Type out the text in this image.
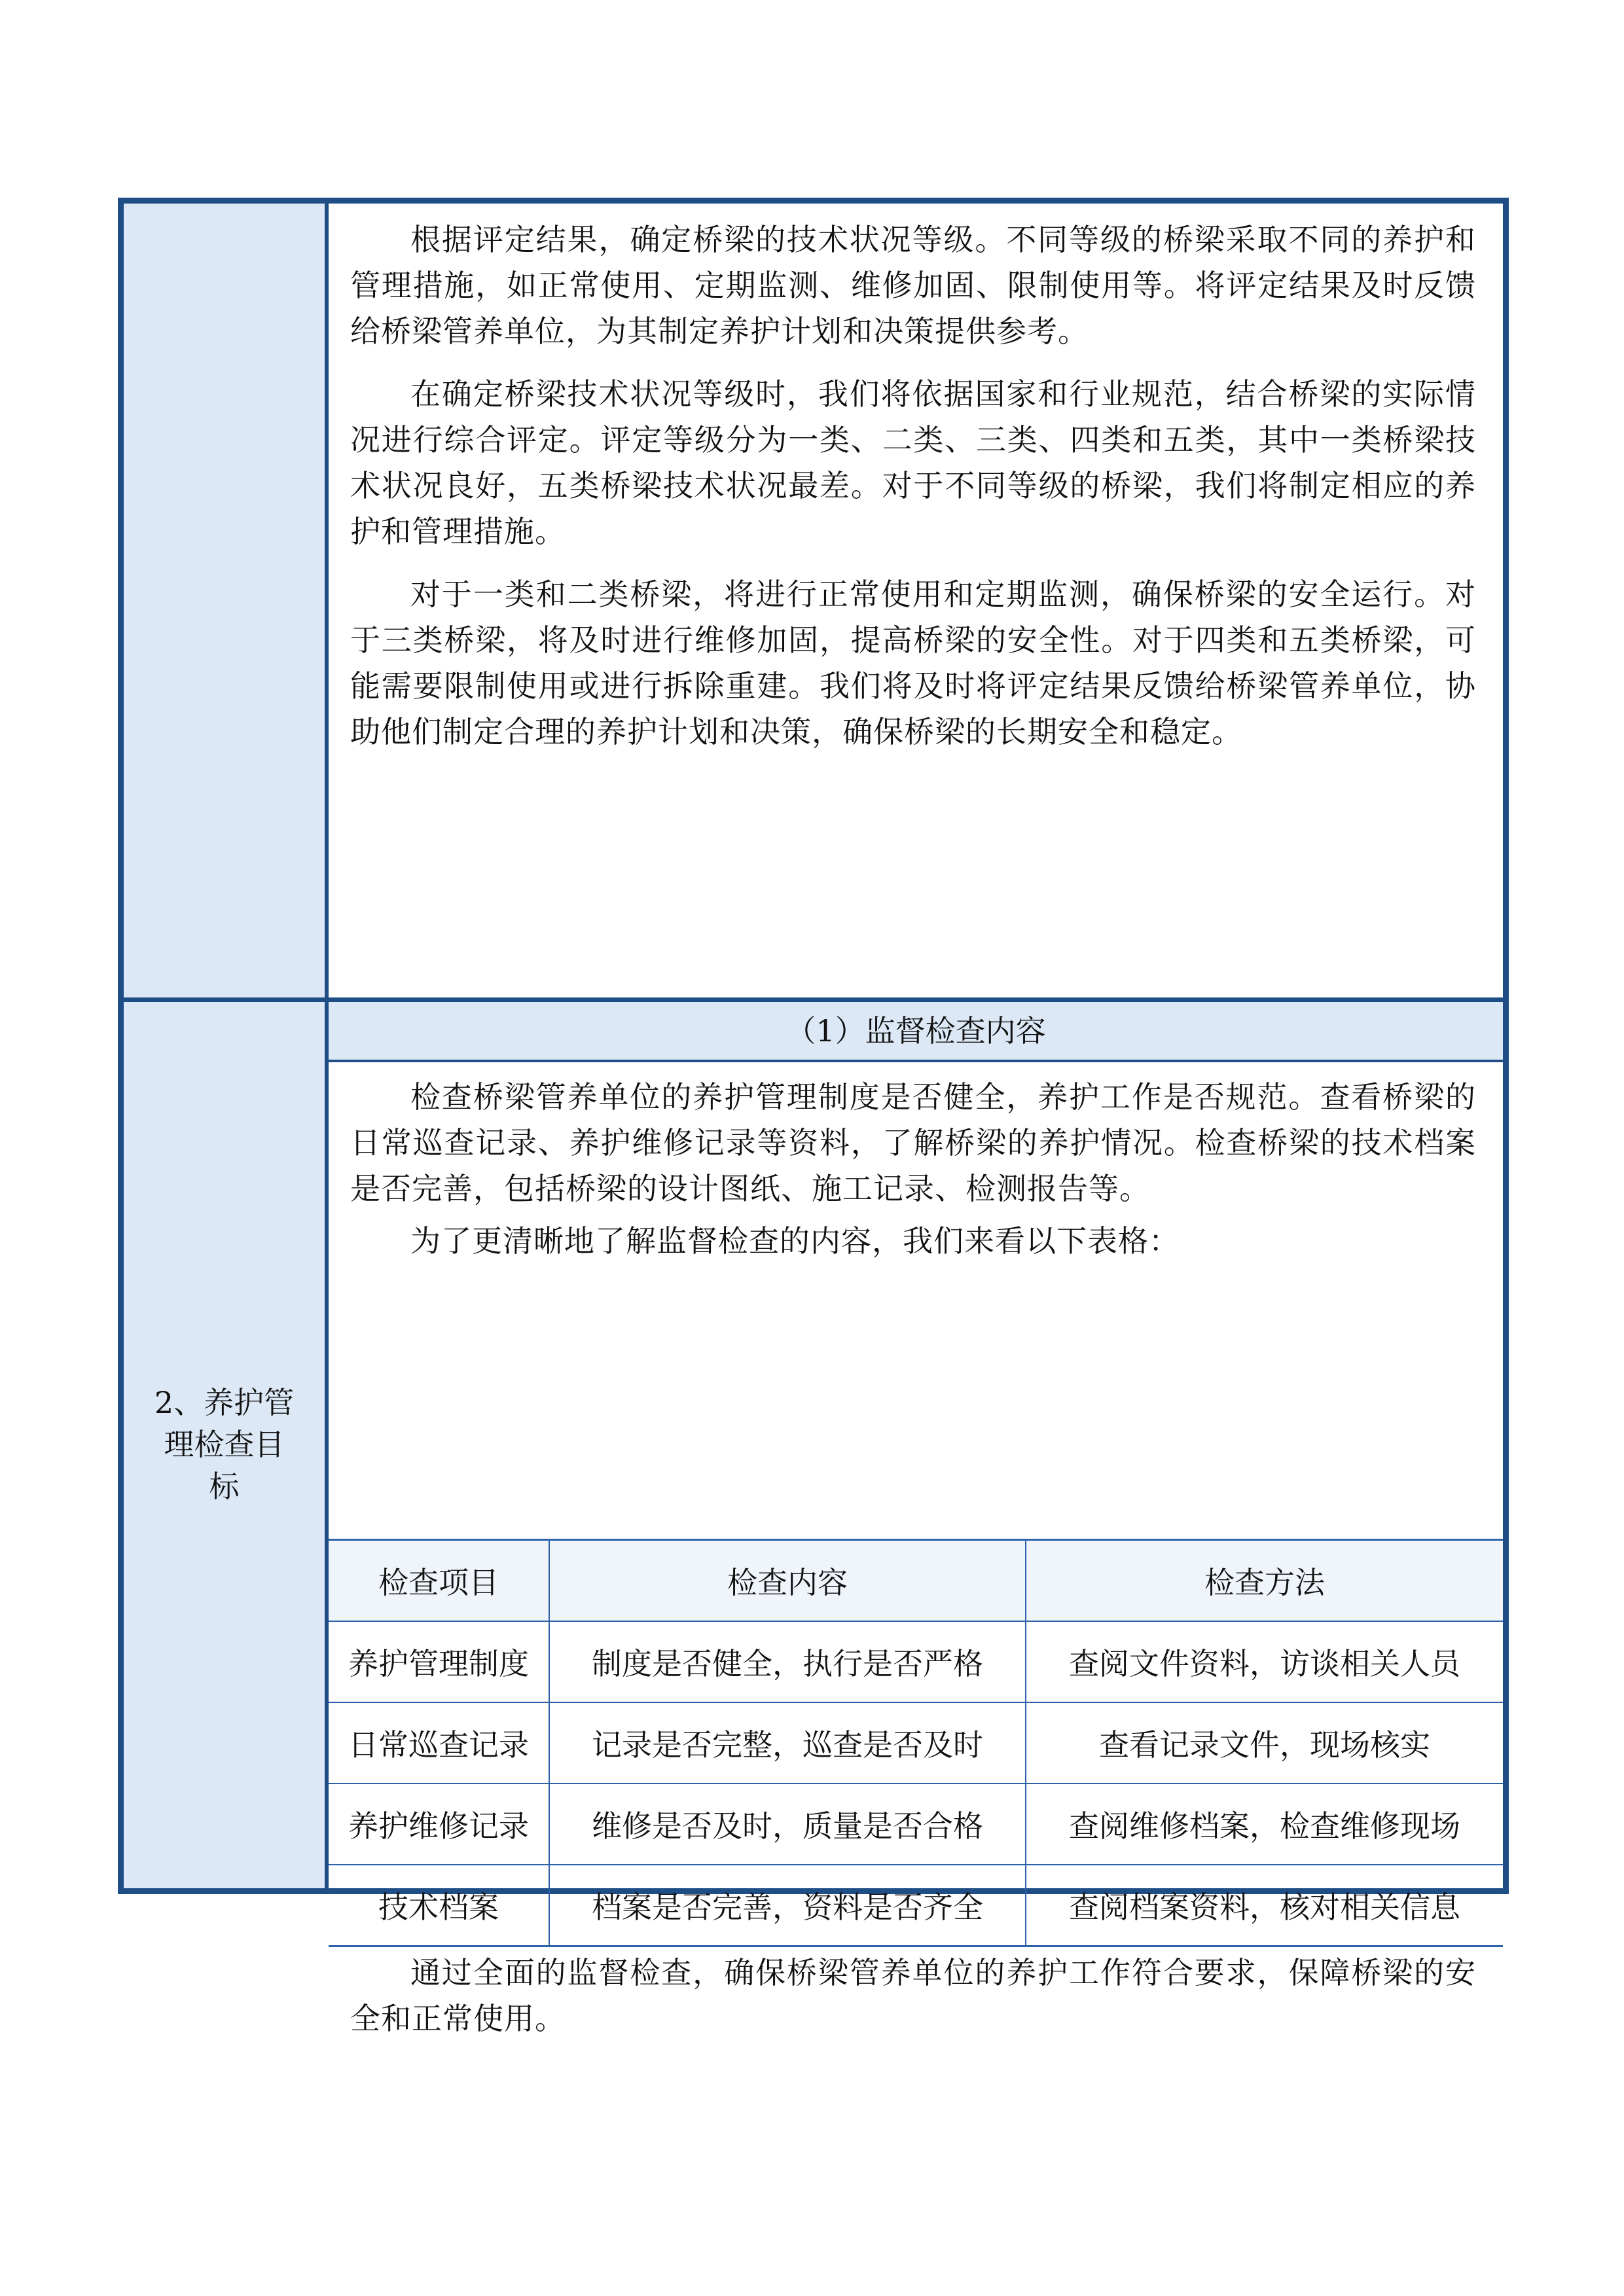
根据评定结果，确定桥梁的技术状况等级。不同等级的桥梁采取不同的养护和管理措施，如正常使用、定期监测、维修加固、限制使用等。将评定结果及时反馈给桥梁管养单位，为其制定养护计划和决策提供参考。

在确定桥梁技术状况等级时，我们将依据国家和行业规范，结合桥梁的实际情况进行综合评定。评定等级分为一类、二类、三类、四类和五类，其中一类桥梁技术状况良好，五类桥梁技术状况最差。对于不同等级的桥梁，我们将制定相应的养护和管理措施。

对于一类和二类桥梁，将进行正常使用和定期监测，确保桥梁的安全运行。对于三类桥梁，将及时进行维修加固，提高桥梁的安全性。对于四类和五类桥梁，可能需要限制使用或进行拆除重建。我们将及时将评定结果反馈给桥梁管养单位，协助他们制定合理的养护计划和决策，确保桥梁的长期安全和稳定。

2、养护管
理检查目
标
（1）监督检查内容

检查桥梁管养单位的养护管理制度是否健全，养护工作是否规范。查看桥梁的日常巡查记录、养护维修记录等资料，了解桥梁的养护情况。检查桥梁的技术档案是否完善，包括桥梁的设计图纸、施工记录、检测报告等。

为了更清晰地了解监督检查的内容，我们来看以下表格：

检查项目	检查内容	检查方法
养护管理制度	制度是否健全，执行是否严格	查阅文件资料，访谈相关人员
日常巡查记录	记录是否完整，巡查是否及时	查看记录文件，现场核实
养护维修记录	维修是否及时，质量是否合格	查阅维修档案，检查维修现场
技术档案	档案是否完善，资料是否齐全	查阅档案资料，核对相关信息

通过全面的监督检查，确保桥梁管养单位的养护工作符合要求，保障桥梁的安全和正常使用。
